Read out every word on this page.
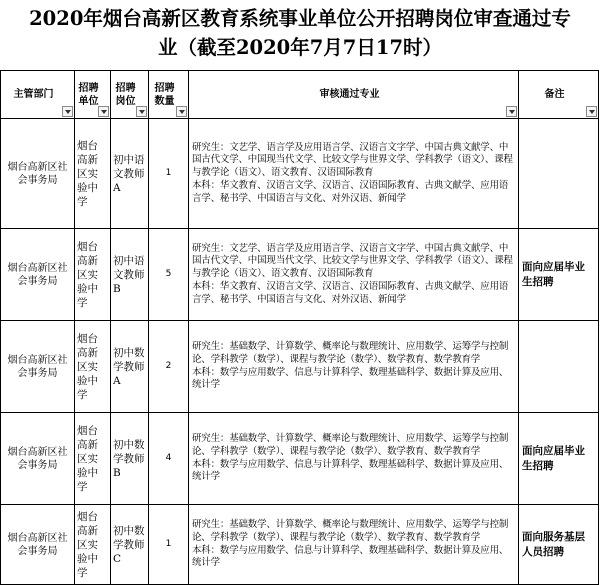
2020年烟台高新区教育系统事业单位公开招聘岗位审查通过专
业（截至2020年7月7日17时）
主管部门	招聘单位	招聘岗位	招聘数量	审核通过专业	备注

烟台高新区社会事务局	烟台高新区实验中学	初中语文教师A	1	研究生：文艺学、语言学及应用语言学、汉语言文字学、中国古典文献学、中国古代文学、中国现当代文学、比较文学与世界文学、学科教学（语文）、课程与教学论（语文）、语文教育、汉语国际教育
本科：华文教育、汉语言文学、汉语言、汉语国际教育、古典文献学、应用语言学、秘书学、中国语言与文化、对外汉语、新闻学	

烟台高新区社会事务局	烟台高新区实验中学	初中语文教师B	5	研究生：文艺学、语言学及应用语言学、汉语言文字学、中国古典文献学、中国古代文学、中国现当代文学、比较文学与世界文学、学科教学（语文）、课程与教学论（语文）、语文教育、汉语国际教育
本科：华文教育、汉语言文学、汉语言、汉语国际教育、古典文献学、应用语言学、秘书学、中国语言与文化、对外汉语、新闻学	面向应届毕业生招聘
烟台高新区社会事务局	烟台高新区实验中学	初中数学教师A	2	研究生：基础数学、计算数学、概率论与数理统计、应用数学、运筹学与控制论、学科教学（数学）、课程与教学论（数学）、数学教育、数学教育学
本科：数学与应用数学、信息与计算科学、数理基础科学、数据计算及应用、统计学	

烟台高新区社会事务局	烟台高新区实验中学	初中数学教师B	4	研究生：基础数学、计算数学、概率论与数理统计、应用数学、运筹学与控制论、学科教学（数学）、课程与教学论（数学）、数学教育、数学教育学
本科：数学与应用数学、信息与计算科学、数理基础科学、数据计算及应用、统计学	面向应届毕业生招聘
烟台高新区社会事务局	烟台高新区实验中学	初中数学教师C	1	研究生：基础数学、计算数学、概率论与数理统计、应用数学、运筹学与控制论、学科教学（数学）、课程与教学论（数学）、数学教育、数学教育学
本科：数学与应用数学、信息与计算科学、数理基础科学、数据计算及应用、统计学	面向服务基层人员招聘
